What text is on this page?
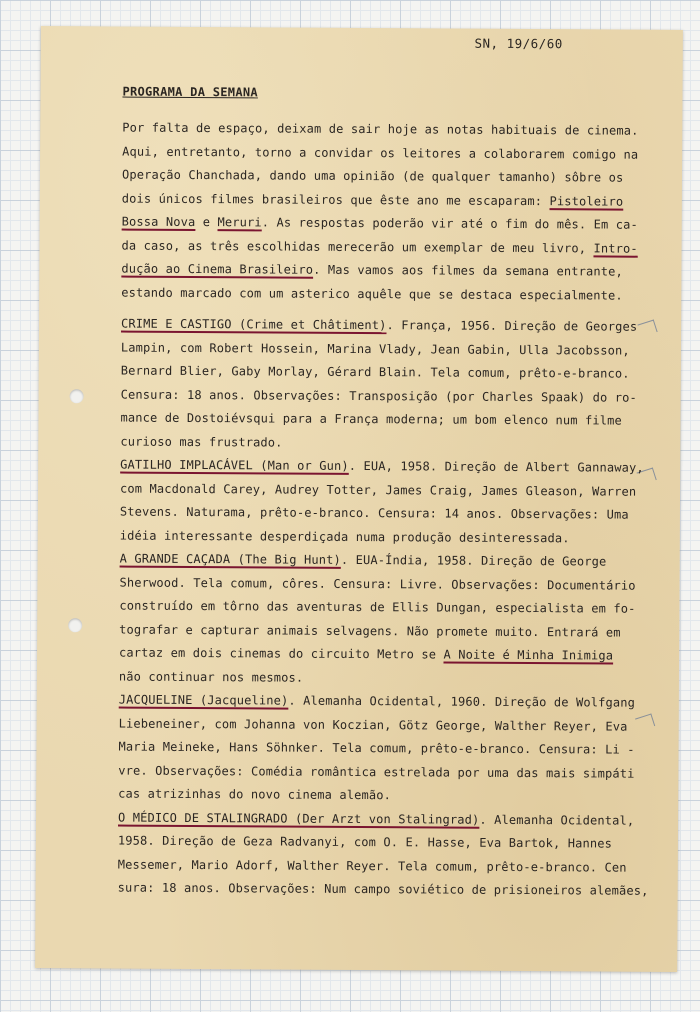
SN, 19/6/60
PROGRAMA DA SEMANA

Por falta de espaço, deixam de sair hoje as notas habituais de cinema.

Aqui, entretanto, torno a convidar os leitores a colaborarem comigo na

Operação Chanchada, dando uma opinião (de qualquer tamanho) sôbre os

dois únicos filmes brasileiros que êste ano me escaparam: Pistoleiro

Bossa Nova e Meruri. As respostas poderão vir até o fim do mês. Em ca-

da caso, as três escolhidas merecerão um exemplar de meu livro, Intro-

dução ao Cinema Brasileiro. Mas vamos aos filmes da semana entrante,

estando marcado com um asterico aquêle que se destaca especialmente.

CRIME E CASTIGO (Crime et Châtiment). França, 1956. Direção de Georges

Lampin, com Robert Hossein, Marina Vlady, Jean Gabin, Ulla Jacobsson,

Bernard Blier, Gaby Morlay, Gérard Blain. Tela comum, prêto-e-branco.

Censura: 18 anos. Observações: Transposição (por Charles Spaak) do ro-

mance de Dostoiévsqui para a França moderna; um bom elenco num filme

curioso mas frustrado.

GATILHO IMPLACÁVEL (Man or Gun). EUA, 1958. Direção de Albert Gannaway,

com Macdonald Carey, Audrey Totter, James Craig, James Gleason, Warren

Stevens. Naturama, prêto-e-branco. Censura: 14 anos. Observações: Uma

idéia interessante desperdiçada numa produção desinteressada.

A GRANDE CAÇADA (The Big Hunt). EUA-Índia, 1958. Direção de George

Sherwood. Tela comum, côres. Censura: Livre. Observações: Documentário

construído em tôrno das aventuras de Ellis Dungan, especialista em fo-

tografar e capturar animais selvagens. Não promete muito. Entrará em

cartaz em dois cinemas do circuito Metro se A Noite é Minha Inimiga

não continuar nos mesmos.

JACQUELINE (Jacqueline). Alemanha Ocidental, 1960. Direção de Wolfgang

Liebeneiner, com Johanna von Koczian, Götz George, Walther Reyer, Eva

Maria Meineke, Hans Söhnker. Tela comum, prêto-e-branco. Censura: Li -

vre. Observações: Comédia romântica estrelada por uma das mais simpáti

cas atrizinhas do novo cinema alemão.

O MÉDICO DE STALINGRADO (Der Arzt von Stalingrad). Alemanha Ocidental,

1958. Direção de Geza Radvanyi, com O. E. Hasse, Eva Bartok, Hannes

Messemer, Mario Adorf, Walther Reyer. Tela comum, prêto-e-branco. Cen

sura: 18 anos. Observações: Num campo soviético de prisioneiros alemães,
